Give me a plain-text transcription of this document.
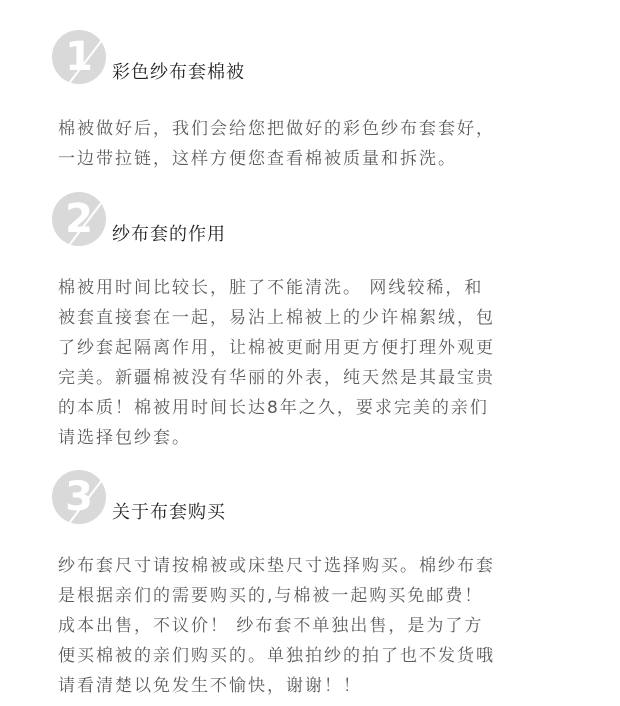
1	彩色纱布套棉被

棉被做好后，我们会给您把做好的彩色纱布套套好，
一边带拉链，这样方便您查看棉被质量和拆洗。

2	纱布套的作用

棉被用时间比较长，脏了不能清洗。 网线较稀，和
被套直接套在一起，易沾上棉被上的少许棉絮绒，包
了纱套起隔离作用，让棉被更耐用更方便打理外观更
完美。新疆棉被没有华丽的外表，纯天然是其最宝贵
的本质！棉被用时间长达8年之久，要求完美的亲们
请选择包纱套。

3	关于布套购买

纱布套尺寸请按棉被或床垫尺寸选择购买。棉纱布套
是根据亲们的需要购买的,与棉被一起购买免邮费！
成本出售，不议价！ 纱布套不单独出售，是为了方
便买棉被的亲们购买的。单独拍纱的拍了也不发货哦
请看清楚以免发生不愉快，谢谢！！
